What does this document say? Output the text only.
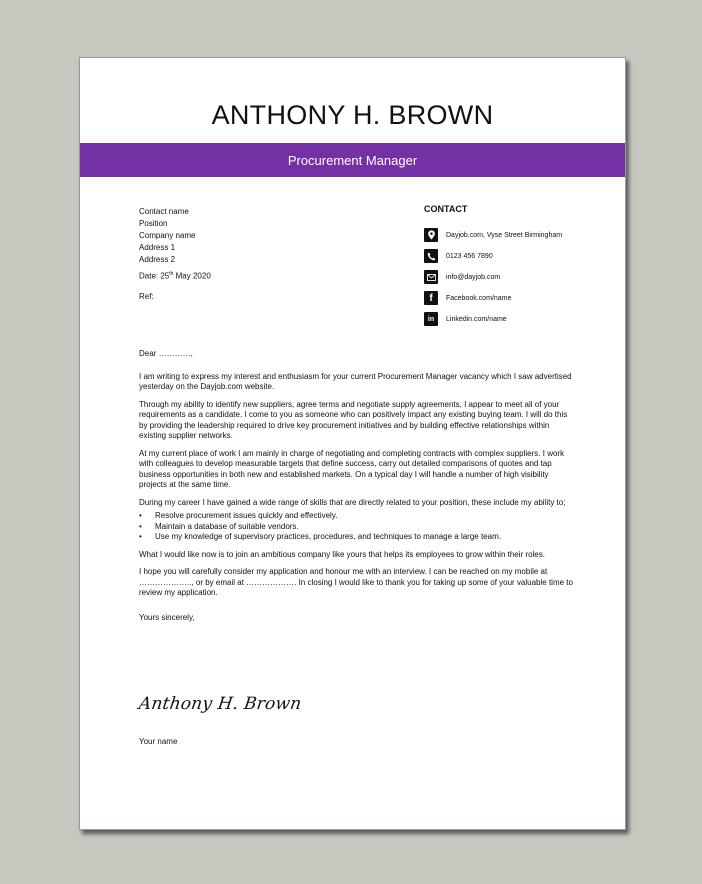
ANTHONY H. BROWN
Procurement Manager
Contact name
Position
Company name
Address 1
Address 2
Date: 25th May 2020
Ref:
CONTACT
Dayjob.com, Vyse Street Birmingham
0123 456 7890
info@dayjob.com
f	Facebook.com/name
in	Linkedin.com/name

Dear …………,

I am writing to express my interest and enthusiasm for your current Procurement Manager vacancy which I saw advertised yesterday on the Dayjob.com website.

Through my ability to identify new suppliers, agree terms and negotiate supply agreements, I appear to meet all of your requirements as a candidate. I come to you as someone who can positively impact any existing buying team. I will do this by providing the leadership required to drive key procurement initiatives and by building effective relationships within existing supplier networks.

At my current place of work I am mainly in charge of negotiating and completing contracts with complex suppliers. I work with colleagues to develop measurable targets that define success, carry out detailed comparisons of quotes and tap business opportunities in both new and established markets. On a typical day I will handle a number of high visibility projects at the same time.

During my career I have gained a wide range of skills that are directly related to your position, these include my ability to;

• Resolve procurement issues quickly and effectively.
• Maintain a database of suitable vendors.
• Use my knowledge of supervisory practices, procedures, and techniques to manage a large team.

What I would like now is to join an ambitious company like yours that helps its employees to grow within their roles.

I hope you will carefully consider my application and honour me with an interview. I can be reached on my mobile at ……………….., or by email at ………………. In closing I would like to thank you for taking up some of your valuable time to review my application.

Yours sincerely,

Anthony H. Brown
Your name
